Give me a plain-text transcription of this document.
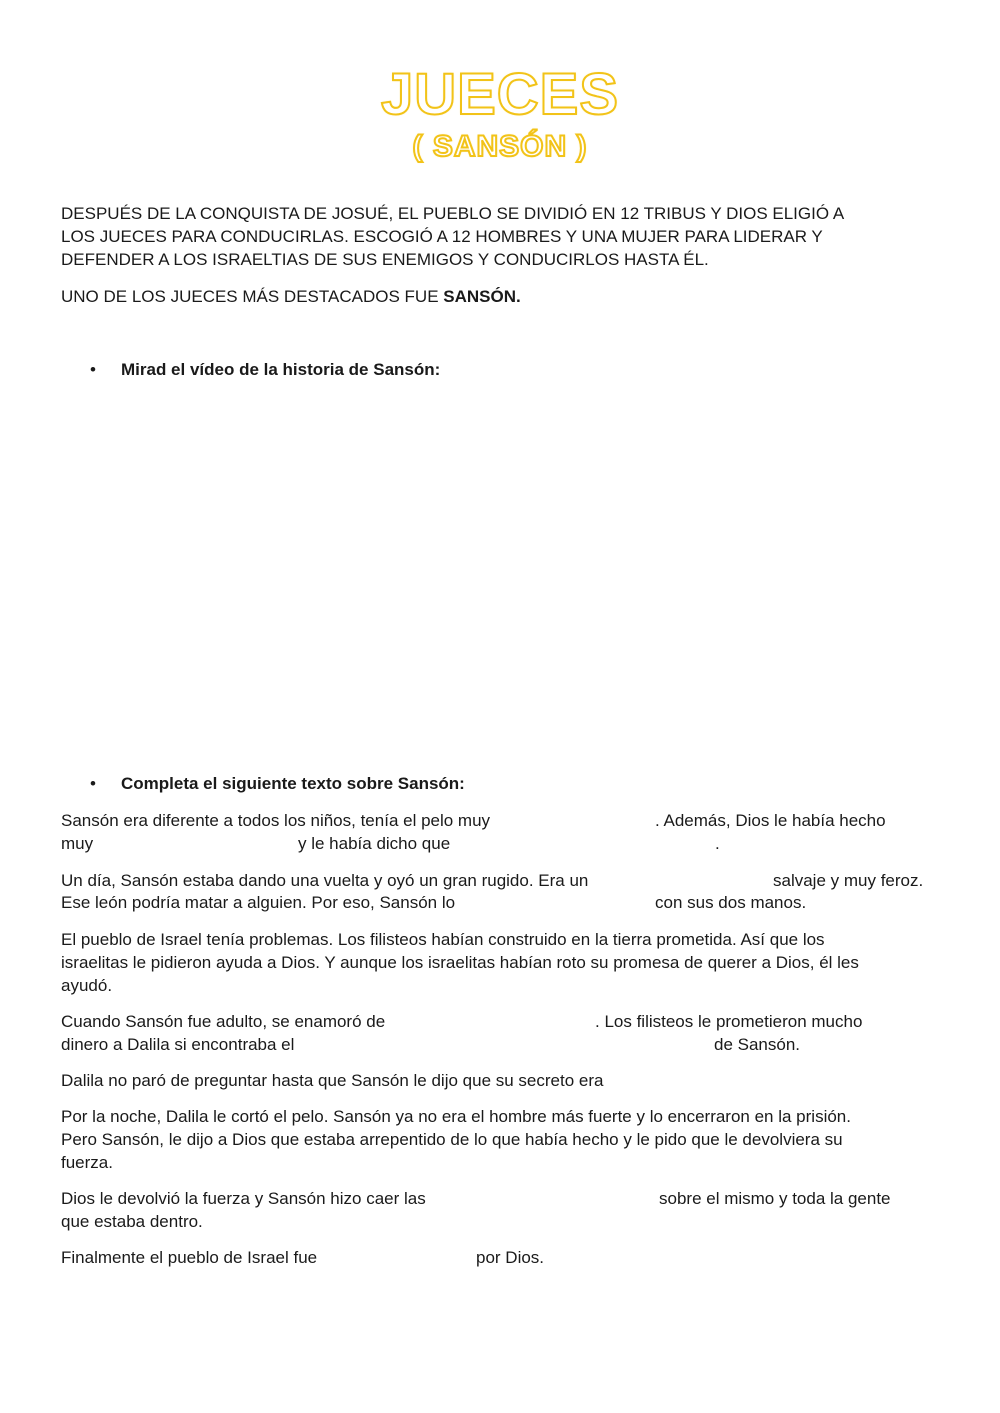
JUECES
( SANSÓN )
DESPUÉS DE LA CONQUISTA DE JOSUÉ, EL PUEBLO SE DIVIDIÓ EN 12 TRIBUS Y DIOS ELIGIÓ A
LOS JUECES PARA CONDUCIRLAS. ESCOGIÓ A 12 HOMBRES Y UNA MUJER PARA LIDERAR Y
DEFENDER A LOS ISRAELTIAS DE SUS ENEMIGOS Y CONDUCIRLOS HASTA ÉL.
UNO DE LOS JUECES MÁS DESTACADOS FUE SANSÓN.
• Mirad el vídeo de la historia de Sansón:
• Completa el siguiente texto sobre Sansón:
Sansón era diferente a todos los niños, tenía el pelo muy	. Además, Dios le había hecho
muy	y le había dicho que	.
Un día, Sansón estaba dando una vuelta y oyó un gran rugido. Era un	salvaje y muy feroz.
Ese león podría matar a alguien. Por eso, Sansón lo	con sus dos manos.
El pueblo de Israel tenía problemas. Los filisteos habían construido en la tierra prometida. Así que los
israelitas le pidieron ayuda a Dios. Y aunque los israelitas habían roto su promesa de querer a Dios, él les
ayudó.
Cuando Sansón fue adulto, se enamoró de	. Los filisteos le prometieron mucho
dinero a Dalila si encontraba el	de Sansón.
Dalila no paró de preguntar hasta que Sansón le dijo que su secreto era
Por la noche, Dalila le cortó el pelo. Sansón ya no era el hombre más fuerte y lo encerraron en la prisión.
Pero Sansón, le dijo a Dios que estaba arrepentido de lo que había hecho y le pido que le devolviera su
fuerza.
Dios le devolvió la fuerza y Sansón hizo caer las	sobre el mismo y toda la gente
que estaba dentro.
Finalmente el pueblo de Israel fue	por Dios.
